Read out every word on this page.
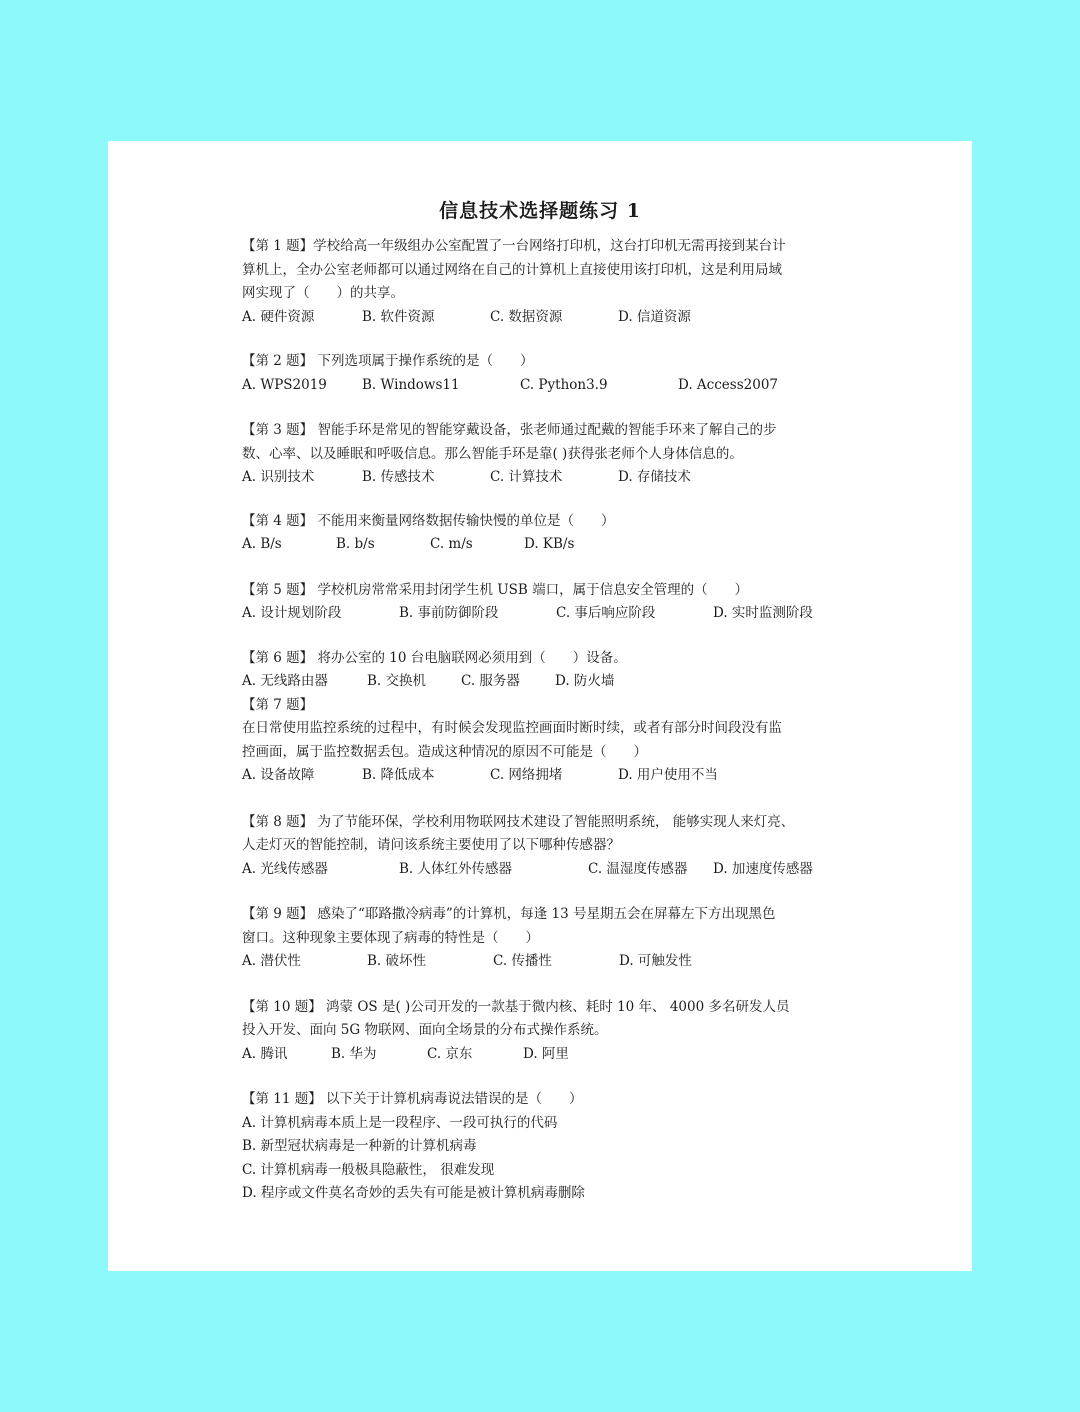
信息技术选择题练习 1

【第 1 题】学校给高一年级组办公室配置了一台网络打印机，这台打印机无需再接到某台计

算机上，全办公室老师都可以通过网络在自己的计算机上直接使用该打印机，这是利用局域

网实现了（　　）的共享。

A. 硬件资源	B. 软件资源	C. 数据资源	D. 信道资源

【第 2 题】 下列选项属于操作系统的是（　　）

A. WPS2019	B. Windows11	C. Python3.9	D. Access2007

【第 3 题】 智能手环是常见的智能穿戴设备，张老师通过配戴的智能手环来了解自己的步

数、心率、以及睡眠和呼吸信息。那么智能手环是靠( )获得张老师个人身体信息的。

A. 识别技术	B. 传感技术	C. 计算技术	D. 存储技术

【第 4 题】 不能用来衡量网络数据传输快慢的单位是（　　）

A. B/s	B. b/s	C. m/s	D. KB/s

【第 5 题】 学校机房常常采用封闭学生机 USB 端口，属于信息安全管理的（　　）

A. 设计规划阶段	B. 事前防御阶段	C. 事后响应阶段	D. 实时监测阶段

【第 6 题】 将办公室的 10 台电脑联网必须用到（　　）设备。

A. 无线路由器	B. 交换机	C. 服务器	D. 防火墙

【第 7 题】

在日常使用监控系统的过程中，有时候会发现监控画面时断时续，或者有部分时间段没有监

控画面，属于监控数据丢包。造成这种情况的原因不可能是（　　）

A. 设备故障	B. 降低成本	C. 网络拥堵	D. 用户使用不当

【第 8 题】 为了节能环保，学校利用物联网技术建设了智能照明系统， 能够实现人来灯亮、

人走灯灭的智能控制，请问该系统主要使用了以下哪种传感器？

A. 光线传感器	B. 人体红外传感器	C. 温湿度传感器	D. 加速度传感器

【第 9 题】 感染了“耶路撒冷病毒”的计算机，每逢 13 号星期五会在屏幕左下方出现黑色

窗口。这种现象主要体现了病毒的特性是（　　）

A. 潜伏性	B. 破坏性	C. 传播性	D. 可触发性

【第 10 题】 鸿蒙 OS 是( )公司开发的一款基于微内核、耗时 10 年、 4000 多名研发人员

投入开发、面向 5G 物联网、面向全场景的分布式操作系统。

A. 腾讯	B. 华为	C. 京东	D. 阿里

【第 11 题】 以下关于计算机病毒说法错误的是（　　）

A. 计算机病毒本质上是一段程序、一段可执行的代码

B. 新型冠状病毒是一种新的计算机病毒

C. 计算机病毒一般极具隐蔽性， 很难发现

D. 程序或文件莫名奇妙的丢失有可能是被计算机病毒删除
